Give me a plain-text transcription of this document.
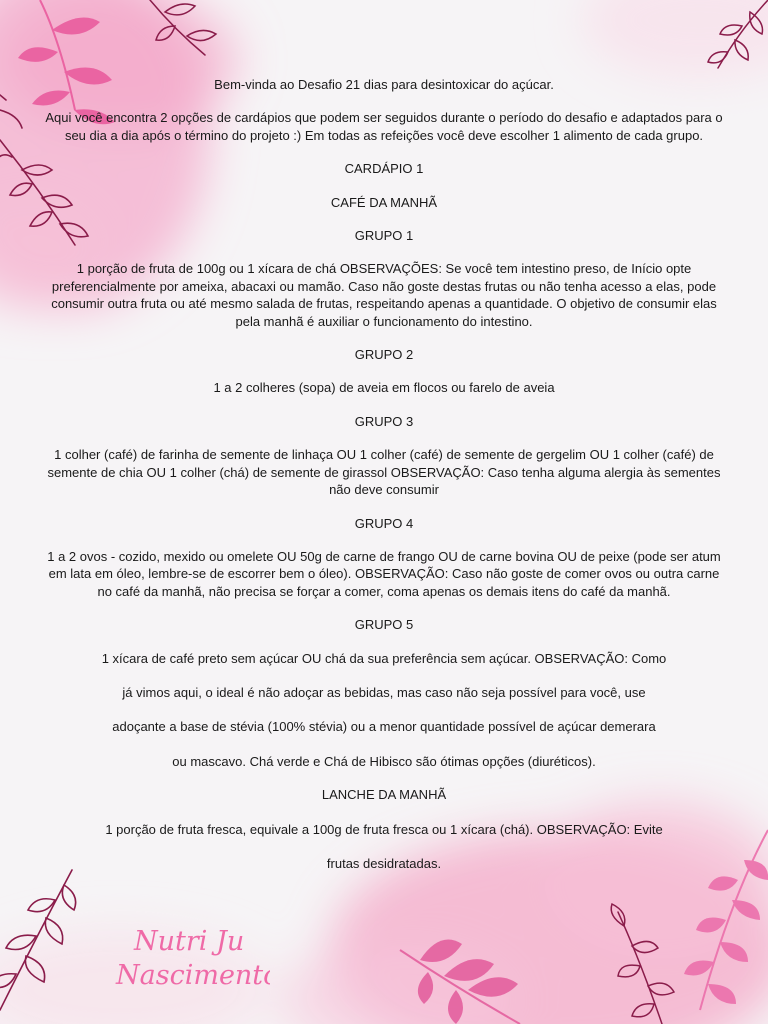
Nutri Ju
Nascimento

Bem-vinda ao Desafio 21 dias para desintoxicar do açúcar.

Aqui você encontra 2 opções de cardápios que podem ser seguidos durante o período do desafio e adaptados para o seu dia a dia após o término do projeto :) Em todas as refeições você deve escolher 1 alimento de cada grupo.

CARDÁPIO 1

CAFÉ DA MANHÃ

GRUPO 1

1 porção de fruta de 100g ou 1 xícara de chá OBSERVAÇÕES: Se você tem intestino preso, de Início opte preferencialmente por ameixa, abacaxi ou mamão. Caso não goste destas frutas ou não tenha acesso a elas, pode consumir outra fruta ou até mesmo salada de frutas, respeitando apenas a quantidade. O objetivo de consumir elas pela manhã é auxiliar o funcionamento do intestino.

GRUPO 2

1 a 2 colheres (sopa) de aveia em flocos ou farelo de aveia

GRUPO 3

1 colher (café) de farinha de semente de linhaça OU 1 colher (café) de semente de gergelim OU 1 colher (café) de semente de chia OU 1 colher (chá) de semente de girassol OBSERVAÇÃO: Caso tenha alguma alergia às sementes não deve consumir

GRUPO 4

1 a 2 ovos - cozido, mexido ou omelete OU 50g de carne de frango OU de carne bovina OU de peixe (pode ser atum em lata em óleo, lembre-se de escorrer bem o óleo). OBSERVAÇÃO: Caso não goste de comer ovos ou outra carne no café da manhã, não precisa se forçar a comer, coma apenas os demais itens do café da manhã.

GRUPO 5

1 xícara de café preto sem açúcar OU chá da sua preferência sem açúcar. OBSERVAÇÃO: Como

já vimos aqui, o ideal é não adoçar as bebidas, mas caso não seja possível para você, use

adoçante a base de stévia (100% stévia) ou a menor quantidade possível de açúcar demerara

ou mascavo. Chá verde e Chá de Hibisco são ótimas opções (diuréticos).

LANCHE DA MANHÃ

1 porção de fruta fresca, equivale a 100g de fruta fresca ou 1 xícara (chá). OBSERVAÇÃO: Evite

frutas desidratadas.
